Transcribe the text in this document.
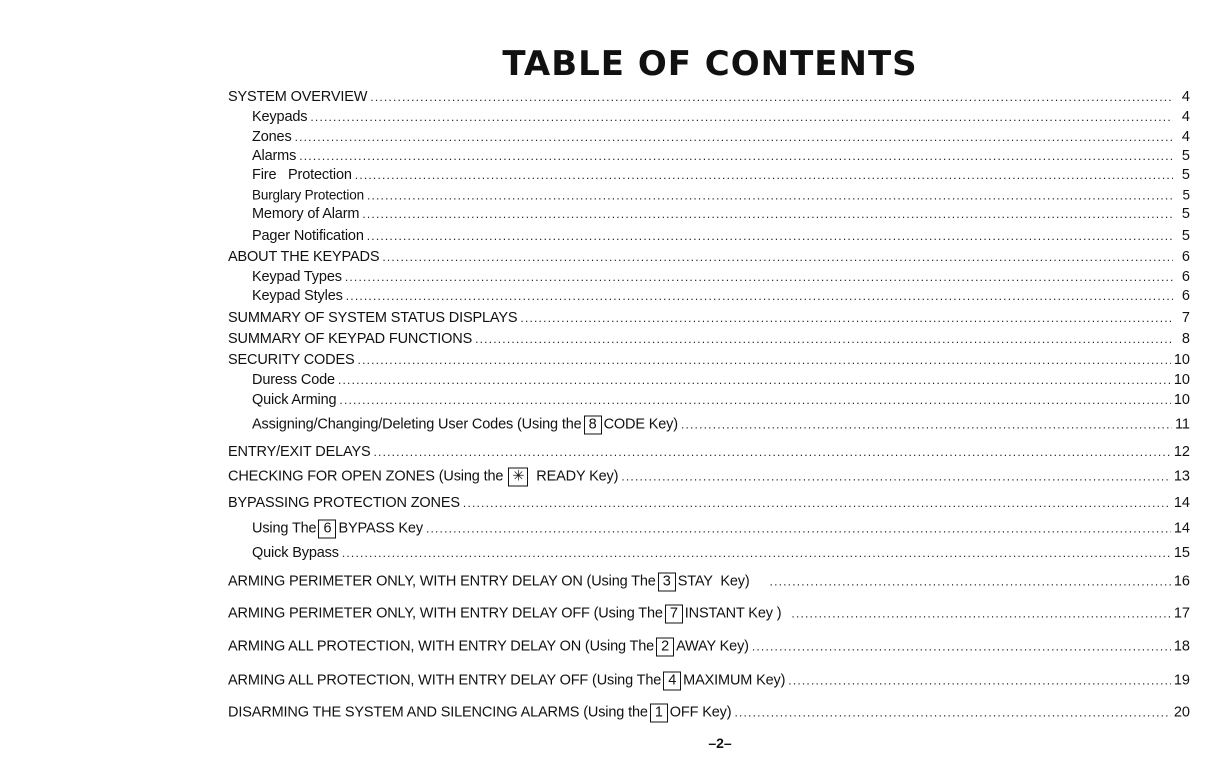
TABLE OF CONTENTS
SYSTEM OVERVIEW .....	4
Keypads .....	4
Zones .....	4
Alarms .....	5
Fire   Protection .....	5
Burglary Protection .....	5
Memory of Alarm .....	5
Pager Notification .....	5
ABOUT THE KEYPADS .....	6
Keypad Types .....	6
Keypad Styles .....	6
SUMMARY OF SYSTEM STATUS DISPLAYS .....	7
SUMMARY OF KEYPAD FUNCTIONS .....	8
SECURITY CODES .....	10
Duress Code .....	10
Quick Arming .....	10
Assigning/Changing/Deleting User Codes (Using the 8 CODE Key) .....	11
ENTRY/EXIT DELAYS .....	12
CHECKING FOR OPEN ZONES (Using the ✳ READY Key) .....	13
BYPASSING PROTECTION ZONES .....	14
Using The 6 BYPASS Key .....	14
Quick Bypass .....	15
ARMING PERIMETER ONLY, WITH ENTRY DELAY ON (Using The 3 STAY  Key) .....	16
ARMING PERIMETER ONLY, WITH ENTRY DELAY OFF (Using The 7 INSTANT Key ) .....	17
ARMING ALL PROTECTION, WITH ENTRY DELAY ON (Using The 2 AWAY Key) .....	18
ARMING ALL PROTECTION, WITH ENTRY DELAY OFF (Using The 4 MAXIMUM Key) .....	19
DISARMING THE SYSTEM AND SILENCING ALARMS (Using the 1 OFF Key) .....	20
–2–
